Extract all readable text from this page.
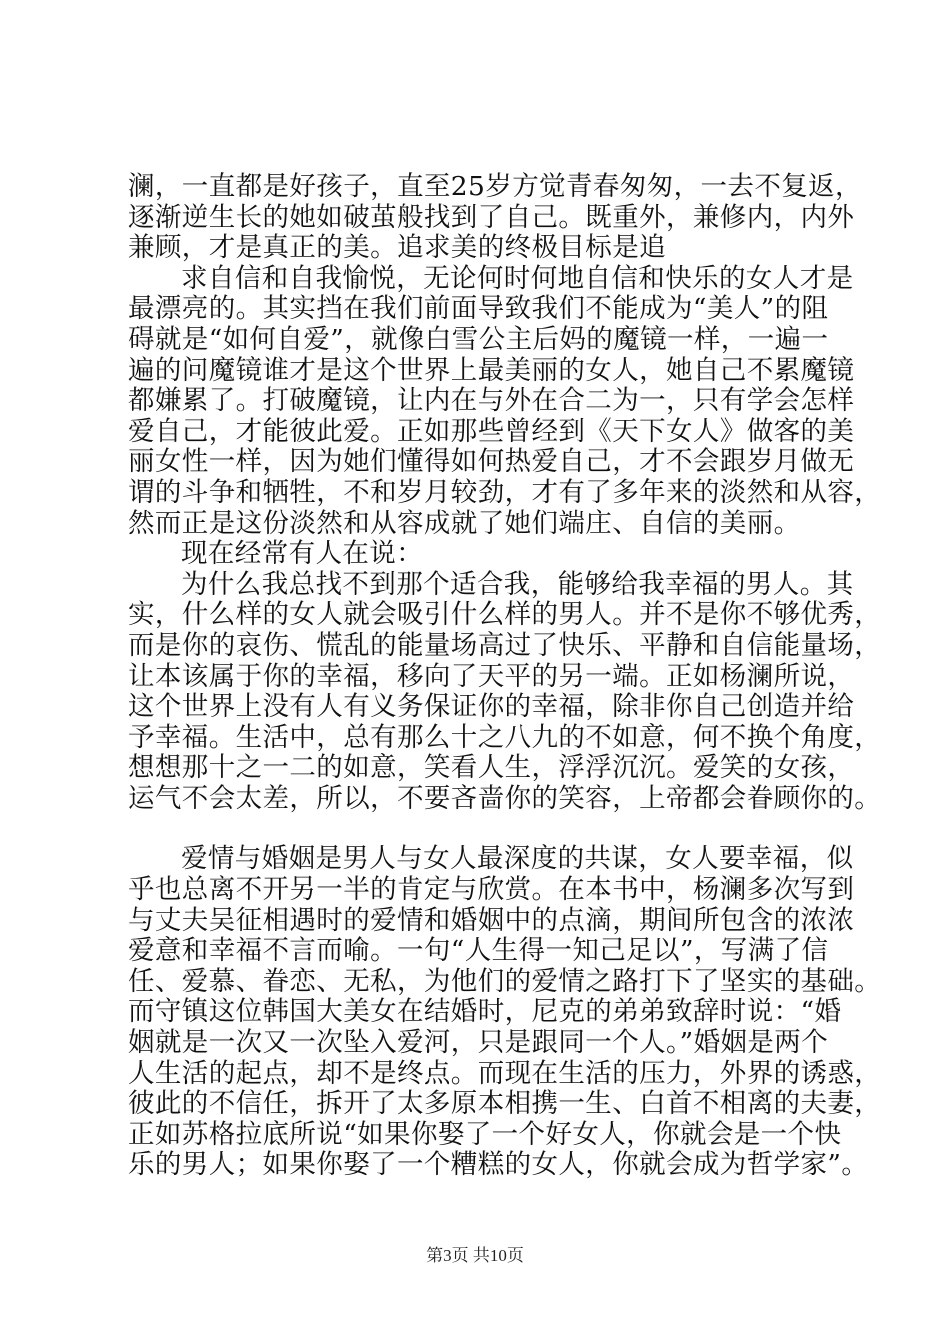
澜，一直都是好孩子，直至25岁方觉青春匆匆，一去不复返，
逐渐逆生长的她如破茧般找到了自己。既重外，兼修内，内外
兼顾，才是真正的美。追求美的终极目标是追
求自信和自我愉悦，无论何时何地自信和快乐的女人才是
最漂亮的。其实挡在我们前面导致我们不能成为“美人”的阻
碍就是“如何自爱”，就像白雪公主后妈的魔镜一样，一遍一
遍的问魔镜谁才是这个世界上最美丽的女人，她自己不累魔镜
都嫌累了。打破魔镜，让内在与外在合二为一，只有学会怎样
爱自己，才能彼此爱。正如那些曾经到《天下女人》做客的美
丽女性一样，因为她们懂得如何热爱自己，才不会跟岁月做无
谓的斗争和牺牲，不和岁月较劲，才有了多年来的淡然和从容，
然而正是这份淡然和从容成就了她们端庄、自信的美丽。
现在经常有人在说：
为什么我总找不到那个适合我，能够给我幸福的男人。其
实，什么样的女人就会吸引什么样的男人。并不是你不够优秀，
而是你的哀伤、慌乱的能量场高过了快乐、平静和自信能量场，
让本该属于你的幸福，移向了天平的另一端。正如杨澜所说，
这个世界上没有人有义务保证你的幸福，除非你自己创造并给
予幸福。生活中，总有那么十之八九的不如意，何不换个角度，
想想那十之一二的如意，笑看人生，浮浮沉沉。爱笑的女孩，
运气不会太差，所以，不要吝啬你的笑容，上帝都会眷顾你的。
爱情与婚姻是男人与女人最深度的共谋，女人要幸福，似
乎也总离不开另一半的肯定与欣赏。在本书中，杨澜多次写到
与丈夫吴征相遇时的爱情和婚姻中的点滴，期间所包含的浓浓
爱意和幸福不言而喻。一句“人生得一知己足以”，写满了信
任、爱慕、眷恋、无私，为他们的爱情之路打下了坚实的基础。
而守镇这位韩国大美女在结婚时，尼克的弟弟致辞时说：“婚
姻就是一次又一次坠入爱河，只是跟同一个人。”婚姻是两个
人生活的起点，却不是终点。而现在生活的压力，外界的诱惑，
彼此的不信任，拆开了太多原本相携一生、白首不相离的夫妻，
正如苏格拉底所说“如果你娶了一个好女人，你就会是一个快
乐的男人；如果你娶了一个糟糕的女人，你就会成为哲学家”。
第3页 共10页
